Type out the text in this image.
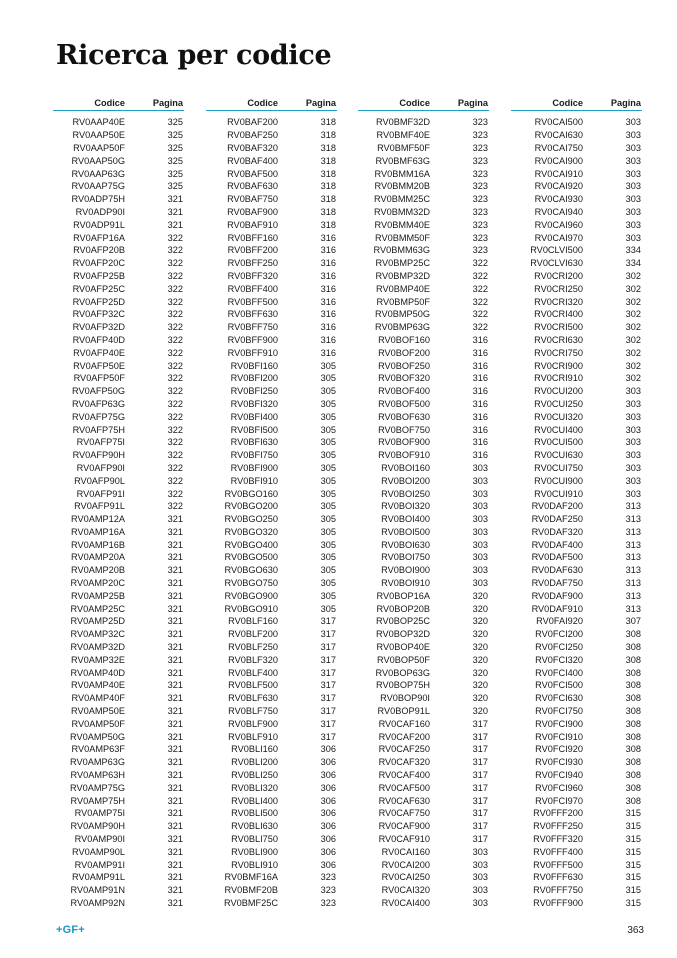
Ricerca per codice
Codice	Pagina
RV0AAP40E	325
RV0AAP50E	325
RV0AAP50F	325
RV0AAP50G	325
RV0AAP63G	325
RV0AAP75G	325
RV0ADP75H	321
RV0ADP90I	321
RV0ADP91L	321
RV0AFP16A	322
RV0AFP20B	322
RV0AFP20C	322
RV0AFP25B	322
RV0AFP25C	322
RV0AFP25D	322
RV0AFP32C	322
RV0AFP32D	322
RV0AFP40D	322
RV0AFP40E	322
RV0AFP50E	322
RV0AFP50F	322
RV0AFP50G	322
RV0AFP63G	322
RV0AFP75G	322
RV0AFP75H	322
RV0AFP75I	322
RV0AFP90H	322
RV0AFP90I	322
RV0AFP90L	322
RV0AFP91I	322
RV0AFP91L	322
RV0AMP12A	321
RV0AMP16A	321
RV0AMP16B	321
RV0AMP20A	321
RV0AMP20B	321
RV0AMP20C	321
RV0AMP25B	321
RV0AMP25C	321
RV0AMP25D	321
RV0AMP32C	321
RV0AMP32D	321
RV0AMP32E	321
RV0AMP40D	321
RV0AMP40E	321
RV0AMP40F	321
RV0AMP50E	321
RV0AMP50F	321
RV0AMP50G	321
RV0AMP63F	321
RV0AMP63G	321
RV0AMP63H	321
RV0AMP75G	321
RV0AMP75H	321
RV0AMP75I	321
RV0AMP90H	321
RV0AMP90I	321
RV0AMP90L	321
RV0AMP91I	321
RV0AMP91L	321
RV0AMP91N	321
RV0AMP92N	321
Codice	Pagina
RV0BAF200	318
RV0BAF250	318
RV0BAF320	318
RV0BAF400	318
RV0BAF500	318
RV0BAF630	318
RV0BAF750	318
RV0BAF900	318
RV0BAF910	318
RV0BFF160	316
RV0BFF200	316
RV0BFF250	316
RV0BFF320	316
RV0BFF400	316
RV0BFF500	316
RV0BFF630	316
RV0BFF750	316
RV0BFF900	316
RV0BFF910	316
RV0BFI160	305
RV0BFI200	305
RV0BFI250	305
RV0BFI320	305
RV0BFI400	305
RV0BFI500	305
RV0BFI630	305
RV0BFI750	305
RV0BFI900	305
RV0BFI910	305
RV0BGO160	305
RV0BGO200	305
RV0BGO250	305
RV0BGO320	305
RV0BGO400	305
RV0BGO500	305
RV0BGO630	305
RV0BGO750	305
RV0BGO900	305
RV0BGO910	305
RV0BLF160	317
RV0BLF200	317
RV0BLF250	317
RV0BLF320	317
RV0BLF400	317
RV0BLF500	317
RV0BLF630	317
RV0BLF750	317
RV0BLF900	317
RV0BLF910	317
RV0BLI160	306
RV0BLI200	306
RV0BLI250	306
RV0BLI320	306
RV0BLI400	306
RV0BLI500	306
RV0BLI630	306
RV0BLI750	306
RV0BLI900	306
RV0BLI910	306
RV0BMF16A	323
RV0BMF20B	323
RV0BMF25C	323
Codice	Pagina
RV0BMF32D	323
RV0BMF40E	323
RV0BMF50F	323
RV0BMF63G	323
RV0BMM16A	323
RV0BMM20B	323
RV0BMM25C	323
RV0BMM32D	323
RV0BMM40E	323
RV0BMM50F	323
RV0BMM63G	323
RV0BMP25C	322
RV0BMP32D	322
RV0BMP40E	322
RV0BMP50F	322
RV0BMP50G	322
RV0BMP63G	322
RV0BOF160	316
RV0BOF200	316
RV0BOF250	316
RV0BOF320	316
RV0BOF400	316
RV0BOF500	316
RV0BOF630	316
RV0BOF750	316
RV0BOF900	316
RV0BOF910	316
RV0BOI160	303
RV0BOI200	303
RV0BOI250	303
RV0BOI320	303
RV0BOI400	303
RV0BOI500	303
RV0BOI630	303
RV0BOI750	303
RV0BOI900	303
RV0BOI910	303
RV0BOP16A	320
RV0BOP20B	320
RV0BOP25C	320
RV0BOP32D	320
RV0BOP40E	320
RV0BOP50F	320
RV0BOP63G	320
RV0BOP75H	320
RV0BOP90I	320
RV0BOP91L	320
RV0CAF160	317
RV0CAF200	317
RV0CAF250	317
RV0CAF320	317
RV0CAF400	317
RV0CAF500	317
RV0CAF630	317
RV0CAF750	317
RV0CAF900	317
RV0CAF910	317
RV0CAI160	303
RV0CAI200	303
RV0CAI250	303
RV0CAI320	303
RV0CAI400	303
Codice	Pagina
RV0CAI500	303
RV0CAI630	303
RV0CAI750	303
RV0CAI900	303
RV0CAI910	303
RV0CAI920	303
RV0CAI930	303
RV0CAI940	303
RV0CAI960	303
RV0CAI970	303
RV0CLVI500	334
RV0CLVI630	334
RV0CRI200	302
RV0CRI250	302
RV0CRI320	302
RV0CRI400	302
RV0CRI500	302
RV0CRI630	302
RV0CRI750	302
RV0CRI900	302
RV0CRI910	302
RV0CUI200	303
RV0CUI250	303
RV0CUI320	303
RV0CUI400	303
RV0CUI500	303
RV0CUI630	303
RV0CUI750	303
RV0CUI900	303
RV0CUI910	303
RV0DAF200	313
RV0DAF250	313
RV0DAF320	313
RV0DAF400	313
RV0DAF500	313
RV0DAF630	313
RV0DAF750	313
RV0DAF900	313
RV0DAF910	313
RV0FAI920	307
RV0FCI200	308
RV0FCI250	308
RV0FCI320	308
RV0FCI400	308
RV0FCI500	308
RV0FCI630	308
RV0FCI750	308
RV0FCI900	308
RV0FCI910	308
RV0FCI920	308
RV0FCI930	308
RV0FCI940	308
RV0FCI960	308
RV0FCI970	308
RV0FFF200	315
RV0FFF250	315
RV0FFF320	315
RV0FFF400	315
RV0FFF500	315
RV0FFF630	315
RV0FFF750	315
RV0FFF900	315
+GF+	363
